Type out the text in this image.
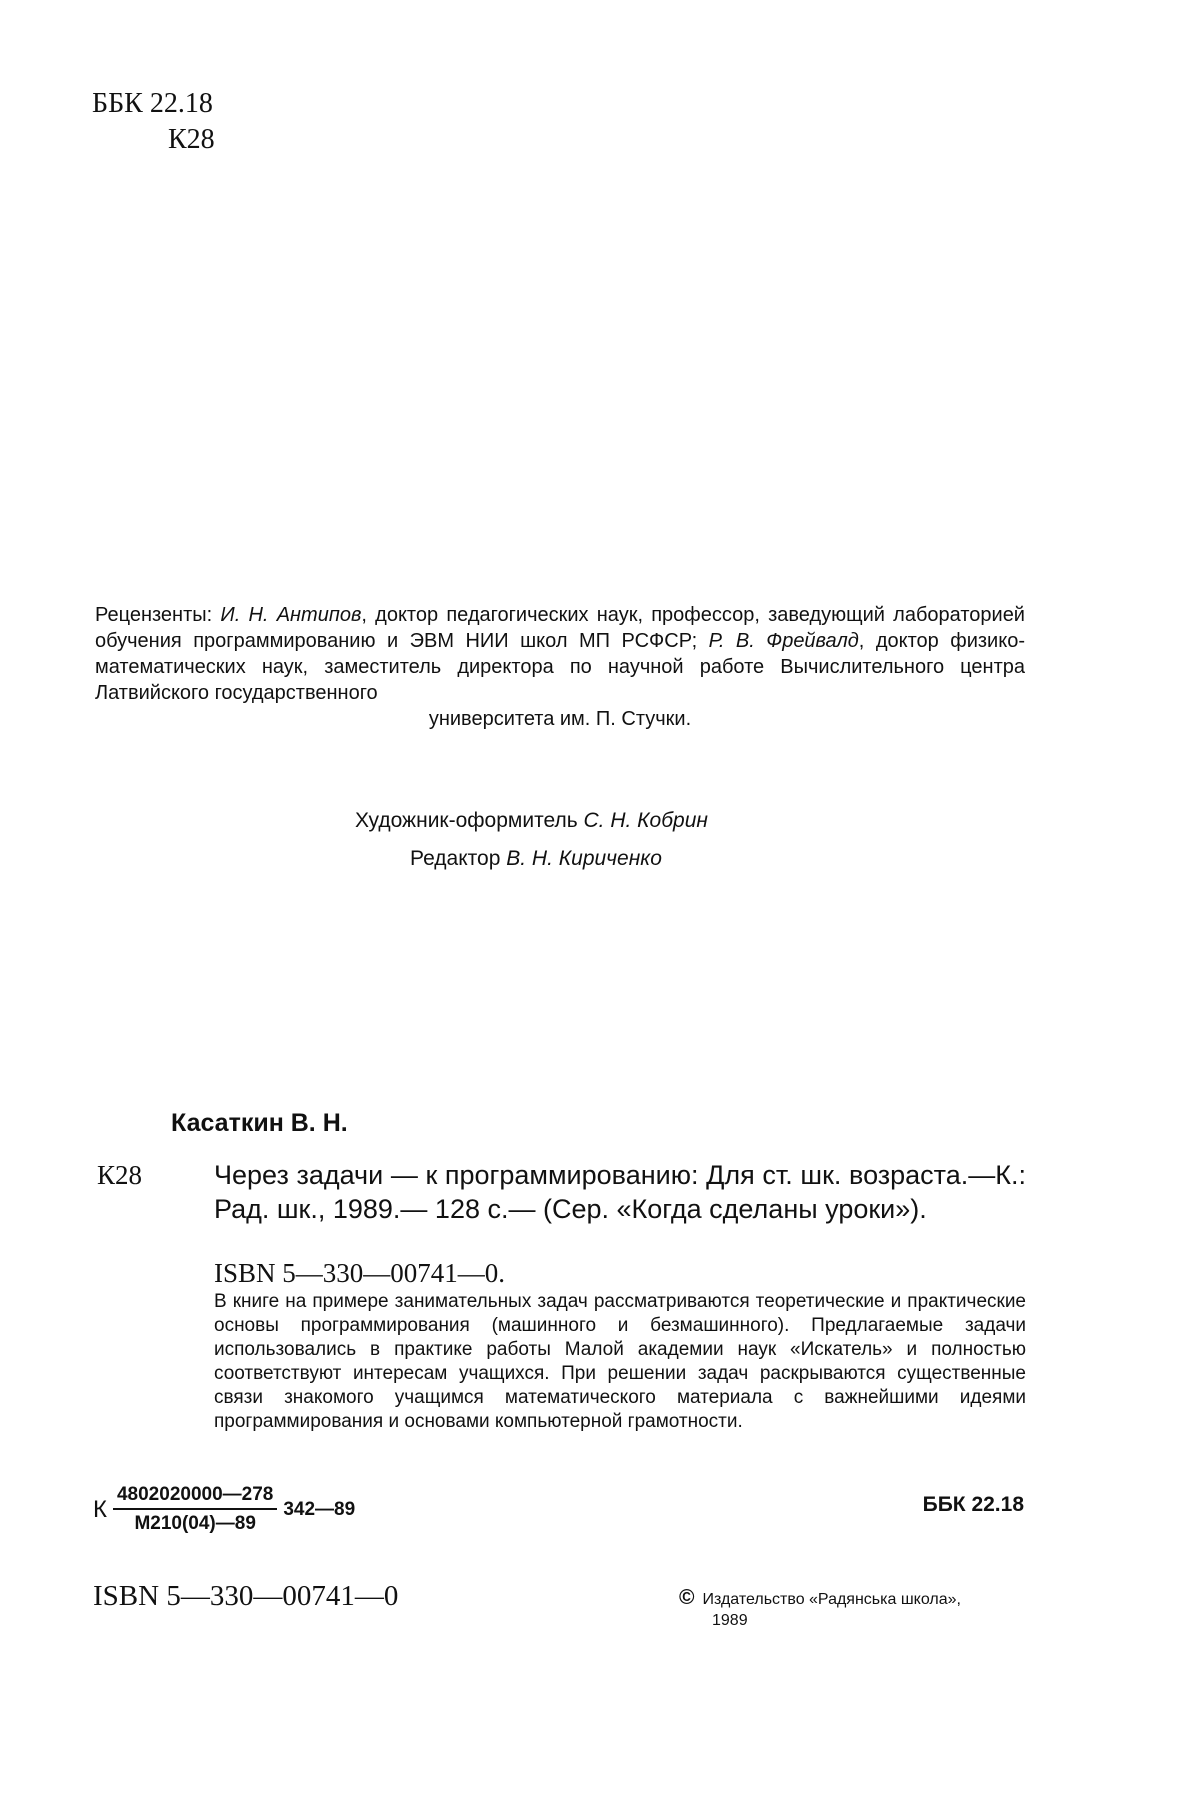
ББК 22.18
К28
Рецензенты: И. Н. Антипов, доктор педагогических наук, профессор, заведующий лабораторией обучения программированию и ЭВМ НИИ школ МП РСФСР; Р. В. Фрейвалд, доктор физико-математических наук, заместитель директора по научной работе Вычислительного центра Латвийского государственного
университета им. П. Стучки.
Художник-оформитель С. Н. Кобрин
Редактор В. Н. Кириченко
Касаткин В. Н.
К28	Через задачи — к программированию: Для ст. шк. возраста.—К.: Рад. шк., 1989.— 128 с.— (Сер. «Когда сделаны уроки»).
ISBN 5—330—00741—0.
В книге на примере занимательных задач рассматриваются теоретические и практические основы программирования (машинного и безмашинного). Предлагаемые задачи использовались в практике работы Малой академии наук «Искатель» и полностью соответствуют интересам учащихся. При решении задач раскрываются существенные связи знакомого учащимся математического материала с важнейшими идеями программирования и основами компьютерной грамотности.
К $\frac{4802020000—278}{М210(04)—89}$ 342—89	ББК 22.18
ISBN 5—330—00741—0	© Издательство «Радянська школа»,
1989
